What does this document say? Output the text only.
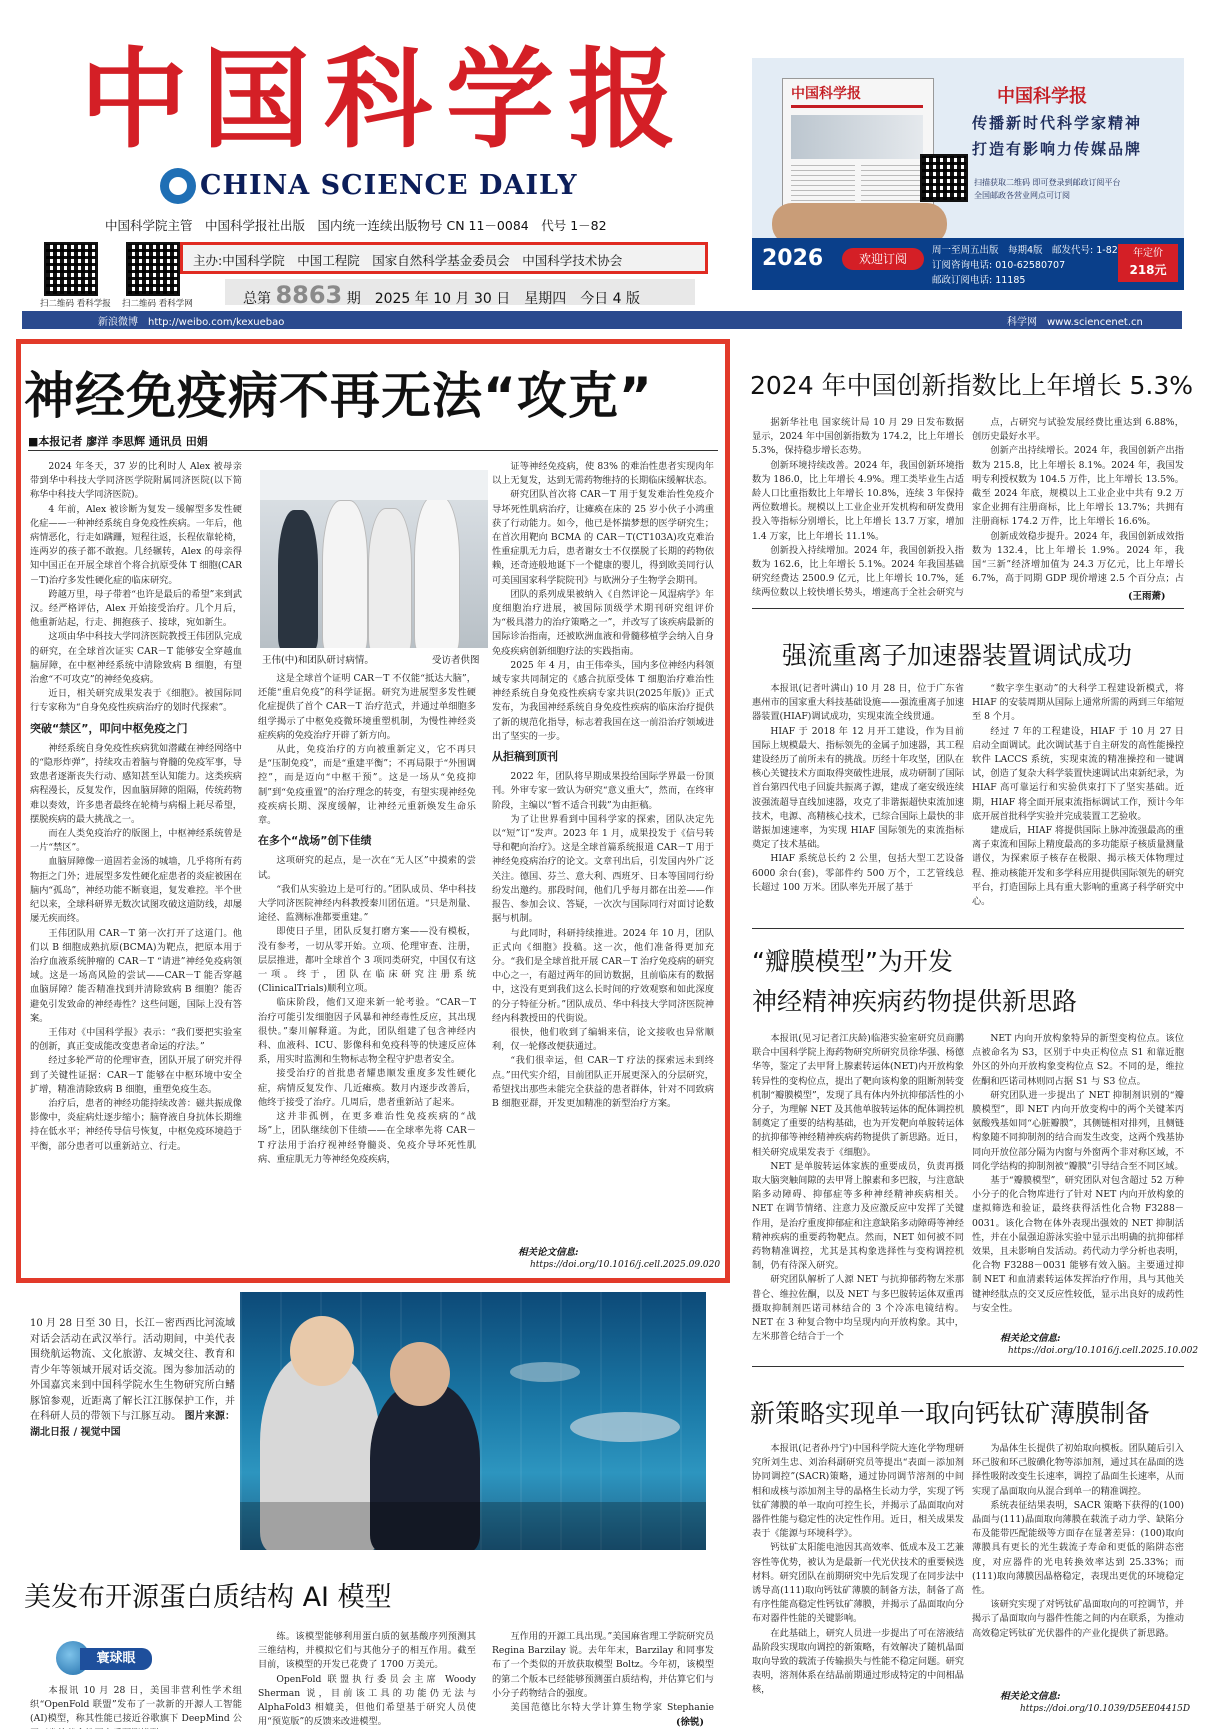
中国科学报
CHINA SCIENCE DAILY
中国科学院主管　中国科学报社出版　国内统一连续出版物号 CN 11－0084　代号 1－82
扫二维码 看科学报 扫二维码 看科学网
主办:中国科学院　中国工程院　国家自然科学基金委员会　中国科学技术协会
总第 8863 期　2025 年 10 月 30 日　星期四　今日 4 版
新浪微博　http://weibo.com/kexuebao	科学网　www.sciencenet.cn
中国科学报	中国科学报
传播新时代科学家精神
打造有影响力传媒品牌
扫描获取二维码 即可登录到邮政订阅平台 全国邮政各营业网点可订阅
2026	欢迎订阅
周一至周五出版　每期4版　邮发代号: 1-82
订阅咨询电话: 010-62580707
邮政订阅电话: 11185
年定价
218元
神经免疫病不再无法“攻克”
■本报记者 廖洋 李思辉 通讯员 田娟

2024 年冬天，37 岁的比利时人 Alex 被母亲带到华中科技大学同济医学院附属同济医院(以下简称华中科技大学同济医院)。

4 年前，Alex 被诊断为复发－缓解型多发性硬化症——一种神经系统自身免疫性疾病。一年后，他病情恶化，行走如蹒跚，短程往返，长程依靠轮椅，连两岁的孩子都不敢抱。几经辗转，Alex 的母亲得知中国正在开展全球首个将合抗原受体 T 细胞(CAR－T)治疗多发性硬化症的临床研究。

跨越万里，母子带着“也许是最后的希望”来到武汉。经严格评估，Alex 开始接受治疗。几个月后，他重新站起，行走、拥抱孩子、接球，宛如新生。

这项由华中科技大学同济医院教授王伟团队完成的研究，在全球首次证实 CAR－T 能够安全穿越血脑屏障，在中枢神经系统中清除致病 B 细胞，有望治愈“不可攻克”的神经免疫病。

近日，相关研究成果发表于《细胞》。被国际同行专家称为“自身免疫性疾病治疗的划时代探索”。

突破“禁区”，叩问中枢免疫之门

神经系统自身免疫性疾病犹如潜藏在神经网络中的“隐形炸弹”，持续攻击着脑与脊髓的免疫军事，导致患者逐渐丧失行动、感知甚至认知能力。这类疾病病程漫长，反复发作，因血脑屏障的阻隔，传统药物难以奏效，许多患者最终在轮椅与病榻上耗尽希望，摆脱疾病的最大挑战之一。

而在人类免疫治疗的版图上，中枢神经系统曾是一片“禁区”。

血脑屏障像一道固若金汤的城墙，几乎将所有药物拒之门外；进展型多发性硬化症患者的炎症被困在脑内“孤岛”，神经功能不断衰退，复发难控。半个世纪以来，全球科研界无数次试图攻破这道防线，却屡屡无疾而终。

王伟团队用 CAR－T 第一次打开了这道门。他们以 B 细胞成熟抗原(BCMA)为靶点，把原本用于治疗血液系统肿瘤的 CAR－T “请进”神经免疫病领域。这是一场高风险的尝试——CAR－T 能否穿越血脑屏障？能否精准找到并清除致病 B 细胞？能否避免引发致命的神经毒性？这些问题，国际上没有答案。

王伟对《中国科学报》表示：“我们要把实验室的创新，真正变成能改变患者命运的疗法。”

经过多轮严苛的伦理审查，团队开展了研究并得到了关键性证据：CAR－T 能够在中枢环境中安全扩增，精准清除致病 B 细胞，重塑免疫生态。

治疗后，患者的神经功能持续改善：磁共振成像影像中，炎症病灶逐步缩小；脑脊液自身抗体长期维持在低水平；神经传导信号恢复，中枢免疫环境趋于平衡，部分患者可以重新站立、行走。

王伟(中)和团队研讨病情。	受访者供图

这是全球首个证明 CAR－T 不仅能“抵达大脑”，还能“重启免疫”的科学证据。研究为进展型多发性硬化症提供了首个 CAR－T 治疗范式，并通过单细胞多组学揭示了中枢免疫微环境重塑机制，为慢性神经炎症疾病的免疫治疗开辟了新方向。

从此，免疫治疗的方向被重新定义，它不再只是“压制免疫”，而是“重建平衡”；不再局限于“外围调控”，而是迈向“中枢干预”。这是一场从“免疫抑制”到“免疫重置”的治疗理念的转变，有望实现神经免疫疾病长期、深度缓解，让神经元重新焕发生命乐章。

在多个“战场”创下佳绩

这项研究的起点，是一次在“无人区”中摸索的尝试。

“我们从实验边上是可行的。”团队成员、华中科技大学同济医院神经内科教授秦川团伍道。“只是剂量、途径、监测标准都要重建。”

即使日子里，团队反复打磨方案——没有模板，没有参考，一切从零开始。立项、伦理审查、注册，层层推进，都叶全球首个 3 项同类研究，中国仅有这一项。终于，团队在临床研究注册系统(ClinicalTrials)顺利立项。

临床阶段，他们又迎来新一轮考验。“CAR－T 治疗可能引发细胞因子风暴和神经毒性反应，其出现很快。”秦川解释道。为此，团队组建了包含神经内科、血液科、ICU、影像科和免疫科等的快速反应体系，用实时监测和生物标志物全程守护患者安全。

接受治疗的首批患者耀患顺发重度多发性硬化症，病情反复发作、几近瘫痪。数月内逐步改善后，他终于接受了治疗。几周后，患者重新站了起来。

这并非孤例，在更多难治性免疫疾病的“战场”上，团队继续创下佳绩——在全球率先将 CAR－T 疗法用于治疗视神经脊髓炎、免疫介导坏死性肌病、重症肌无力等神经免疫疾病，

证等神经免疫病，使 83% 的难治性患者实现肉年以上无复发，达到无需药物维持的长期临床缓解状态。

研究团队首次将 CAR－T 用于复发难治性免疫介导坏死性肌病治疗，让瘫痪在床的 25 岁小伙子小鸿重获了行动能力。如今，他已是怀揣梦想的医学研究生；在首次用靶向 BCMA 的 CAR－T(CT103A)攻克难治性重症肌无力后，患者谢女士不仅摆脱了长期的药物依赖，还奇迹般地诞下一个健康的婴儿，得到欧美同行认可美国国家科学院院刊》与欧洲分子生物学会期刊。

团队的系列成果被纳入《自然评论－风湿病学》年度细胞治疗进展，被国际顶级学术期刊研究组评价为“极具潜力的治疗策略之一”，并改写了该疾病最新的国际诊治指南，还被欧洲血液和骨髓移植学会纳入自身免疫疾病创新细胞疗法的实践指南。

2025 年 4 月，由王伟牵头，国内多位神经内科领域专家共同制定的《感合抗原受体 T 细胞治疗难治性神经系统自身免疫性疾病专家共识(2025年版)》正式发布，为我国神经系统自身免疫性疾病的临床治疗提供了新的规范化指导，标志着我国在这一前沿治疗领域进出了坚实的一步。

从拒稿到顶刊

2022 年，团队将早期成果投给国际学界最一份顶刊。外审专家一致认为研究“意义重大”，然而，在终审阶段，主编以“暂不适合刊载”为由拒稿。

为了让世界看到中国科学家的探索，团队决定先以“短”订“发声。2023 年 1 月，成果投发于《信号转导和靶向治疗》。这是全球首篇系统报道 CAR－T 用于神经免疫病治疗的论文。文章刊出后，引发国内外广泛关注。德国、芬兰、意大利、西班牙、日本等国同行纷纷发出邀约。那段时间，他们几乎每月都在出差——作报告、参加会议、答疑，一次次与国际同行对面讨论数据与机制。

与此同时，科研持续推进。2024 年 10 月，团队正式向《细胞》投稿。这一次，他们准备得更加充分。“我们是全球首批开展 CAR－T 治疗免疫病的研究中心之一，有超过两年的回访数据，且前临床有的数据中，这没有更到我们这么长时间的疗效观察和如此深度的分子特征分析。”团队成员、华中科技大学同济医院神经内科教授田的代街说。

很快，他们收到了编辑来信，论文接收也异常顺利，仅一轮修改便获通过。

“我们很幸运，但 CAR－T 疗法的探索远未到终点。”田代实介绍，目前团队正开展更深入的分层研究，希望找出那些未能完全获益的患者群体，针对不同致病 B 细胞亚群，开发更加精准的新型治疗方案。

相关论文信息:
https://doi.org/10.1016/j.cell.2025.09.020
2024 年中国创新指数比上年增长 5.3%

据新华社电 国家统计局 10 月 29 日发布数据显示，2024 年中国创新指数为 174.2，比上年增长 5.3%，保持稳步增长态势。

创新环境持续改善。2024 年，我国创新环境指数为 186.0，比上年增长 4.9%。理工类毕业生占适龄人口比重指数比上年增长 10.8%，连续 3 年保持两位数增长。规模以上工业企业开发机构和研发费用投入等指标分别增长，比上年增长 13.7 万家，增加 1.4 万家，比上年增长 11.1%。

创新投入持续增加。2024 年，我国创新投入指数为 162.6，比上年增长 5.1%。2024 年我国基础研究经费达 2500.9 亿元，比上年增长 10.7%，延续两位数以上较快增长势头，增速高于全社会研究与

点，占研究与试验发展经费比重达到 6.88%，创历史最好水平。

创新产出持续增长。2024 年，我国创新产出指数为 215.8，比上年增长 8.1%。2024 年，我国发明专利授权数为 104.5 万件，比上年增长 13.5%。截至 2024 年底，规模以上工业企业中共有 9.2 万家企业拥有注册商标，比上年增长 13.7%；共拥有注册商标 174.2 万件，比上年增长 16.6%。

创新成效稳步提升。2024 年，我国创新成效指数为 132.4，比上年增长 1.9%。2024 年，我国“三新”经济增加值为 24.3 万亿元，比上年增长 6.7%，高于同期 GDP 现价增速 2.5 个百分点；占

(王雨萧)
强流重离子加速器装置调试成功

本报讯(记者叶满山) 10 月 28 日，位于广东省惠州市的国家重大科技基础设施——强流重离子加速器装置(HIAF)调试成功，实现束流全线贯通。

HIAF 于 2018 年 12 月开工建设，作为目前国际上规模最大、指标领先的金属子加速器，其工程建设经历了前所未有的挑战。历经十年攻坚，团队在核心关键技术方面取得突破性进展，成功研制了国际首台第四代电子回旋共振离子源，建成了毫安级连续波强流超导直线加速器，攻克了非谐振超快束流加速技术，电源、高精核心技术，已综合国际上最快的非谐振加速速率，为实现 HIAF 国际领先的束流指标奠定了技术基础。

HIAF 系统总长约 2 公里，包括大型工艺设备 6000 余台(套)，零部件约 500 万个，工艺管线总长超过 100 万米。团队率先开展了基于

“数字孪生驱动”的大科学工程建设新模式，将 HIAF 的安装周期从国际上通常所需的两到三年缩短至 8 个月。

经过 7 年的工程建设，HIAF 于 10 月 27 日启动全面调试。此次调试基于自主研发的高性能操控软件 LACCS 系统，实现束流的精准操控和一键调试，创造了复杂大科学装置快速调试出束新纪录，为 HIAF 高可靠运行和实验供束打下了坚实基础。近期，HIAF 将全面开展束流指标调试工作，预计今年底开展首批科学实验并完成装置工艺验收。

建成后，HIAF 将提供国际上脉冲流强最高的重离子束流和国际上精度最高的多功能原子核质量测量谱仪，为探索原子核存在极限、揭示核天体物理过程、推动核能开发和多学科应用提供国际领先的研究平台，打造国际上具有重大影响的重离子科学研究中心。

“瓣膜模型”为开发
神经精神疾病药物提供新思路

本报讯(见习记者江庆龄)临港实验室研究员商鹏联合中国科学院上海药物研究所研究员徐华强、杨德华等，鉴定了去甲肾上腺素转运体(NET)内开放构象转异性的变构位点，提出了靶向该构象的阻断剂转变机制“瓣膜模型”，发现了具有体内外抗抑郁活性的小分子，为理解 NET 及其他单胺转运体的配体调控机制奠定了重要的结构基础，也为开发靶向单胺转运体的抗抑郁等神经精神疾病药物提供了新思路。近日，相关研究成果发表于《细胞》。

NET 是单胺转运体家族的重要成员，负责再摄取大脑突触间隙的去甲肾上腺素和多巴胺，与注意缺陷多动障碍、抑郁症等多种神经精神疾病相关。NET 在调节情绪、注意力及应激反应中发挥了关键作用，是治疗重度抑郁症和注意缺陷多动障碍等神经精神疾病的重要药物靶点。然而，NET 如何被不同药物精准调控，尤其是其构象选择性与变构调控机制，仍有待深入研究。

研究团队解析了人源 NET 与抗抑郁药物左米那普仑、维拉佐酮，以及 NET 与多巴胺转运体双重再摄取抑制剂匹诺司林结合的 3 个冷冻电镜结构。NET 在 3 种复合物中均呈现内向开放构象。其中，左米那普仑结合于一个

NET 内向开放构象特异的新型变构位点。该位点被命名为 S3，区别于中央正构位点 S1 和靠近胞外区的外向开放构象变构位点 S2。不同的是，维拉佐酮和匹诺司林则同占据 S1 与 S3 位点。

研究团队进一步提出了 NET 抑制剂识别的“瓣膜模型”，即 NET 内向开放变构中的两个关键苯丙氨酸残基如同“心脏瓣膜”，其侧链相对排列，且侧链构象随不同抑制剂的结合而发生改变，这两个残基协同向开放位部分隔为内窗与外窗两个非对称区域，不同化学结构的抑制剂被“瓣膜”引导结合至不同区域。

基于“瓣膜模型”，研究团队对包含超过 52 万种小分子的化合物库进行了针对 NET 内向开放构象的虚拟筛选和验证，最终获得活性化合物 F3288－0031。该化合物在体外表现出强效的 NET 抑制活性，并在小鼠强迫游泳实验中显示出明确的抗抑郁样效果，且未影响自发活动。药代动力学分析也表明，化合物 F3288－0031 能够有效入脑。主要通过抑制 NET 和血清素转运体发挥治疗作用，具与其他关键神经肽点的交叉反应性较低，显示出良好的成药性与安全性。

相关论文信息:
https://doi.org/10.1016/j.cell.2025.10.002
新策略实现单一取向钙钛矿薄膜制备

本报讯(记者孙丹宁)中国科学院大连化学物理研究所刘生忠、刘治科副研究员等提出“表面－添加剂协同调控”(SACR)策略，通过协同调节溶剂的中间相和成核与添加剂主导的晶格生长动力学，实现了钙钛矿薄膜的单一取向可控生长，并揭示了晶面取向对器件性能与稳定性的决定性作用。近日，相关成果发表于《能源与环境科学》。

钙钛矿太阳能电池因其高效率、低成本及工艺兼容性等优势，被认为是最新一代光伏技术的重要候选材料。研究团队在前期研究中先后发现了在同步法中诱导高(111)取向钙钛矿薄膜的制备方法，制备了高有序性能高稳定性钙钛矿薄膜，并揭示了晶面取向分布对器件性能的关键影响。

在此基础上，研究人员进一步提出了可在溶液结晶阶段实现取向调控的新策略，有效解决了随机晶面取向导致的载流子传输损失与性能不稳定问题。研究表明，溶剂体系在结晶前期通过形成特定的中间相晶核，

为晶体生长提供了初始取向模板。团队随后引入环己胺和环己胺碘化物等添加剂，通过其在晶面的选择性吸附改变生长速率，调控了晶面生长速率，从而实现了晶面取向从混合到单一的精准调控。

系统表征结果表明，SACR 策略下获得的(100)晶面与(111)晶面取向薄膜在载流子动力学、缺陷分布及能带匹配能级等方面存在显著差异：(100)取向薄膜具有更长的光生载流子寿命和更低的陷阱态密度，对应器件的光电转换效率达到 25.33%；而(111)取向薄膜因晶格稳定，表现出更优的环境稳定性。

该研究实现了对钙钛矿晶面取向的可控调节，并揭示了晶面取向与器件性能之间的内在联系，为推动高效稳定钙钛矿光伏器件的产业化提供了新思路。

相关论文信息:
https://doi.org/10.1039/D5EE04415D
10 月 28 日至 30 日，长江－密西西比河流域对话会活动在武汉举行。活动期间，中美代表围绕航运物流、文化旅游、友城交往、教育和青少年等领域开展对话交流。图为参加活动的外国嘉宾来到中国科学院水生生物研究所白鳍豚馆参观，近距离了解长江江豚保护工作，并在科研人员的带领下与江豚互动。 图片来源：湖北日报 / 视觉中国
美发布开源蛋白质结构 AI 模型
寰球眼

本报讯 10 月 28 日，美国非营利性学术组织“OpenFold 联盟”发布了一款新的开源人工智能(AI)模型，称其性能已接近谷歌旗下 DeepMind 公

练。该模型能够利用蛋白质的氨基酸序列预测其三维结构，并模拟它们与其他分子的相互作用。截至目前，该模型的开发已花费了 1700 万美元。

OpenFold 联盟执行委员会主席 Woody Sherman 说，目前该工具的功能仍无法与 AlphaFold3 相媲美，但他们希望基于研究人员使用“预览版”的反馈来改进模型。

互作用的开源工具出现。”美国麻省理工学院研究员 Regina Barzilay 说。去年年末，Barzilay 和同事发布了一个类似的开放获取模型 Boltz。今年初，该模型的第二个版本已经能够预测蛋白质结构，并估算它们与小分子药物结合的强度。

美国范德比尔特大学计算生物学家 Stephanie

(徐锐)
